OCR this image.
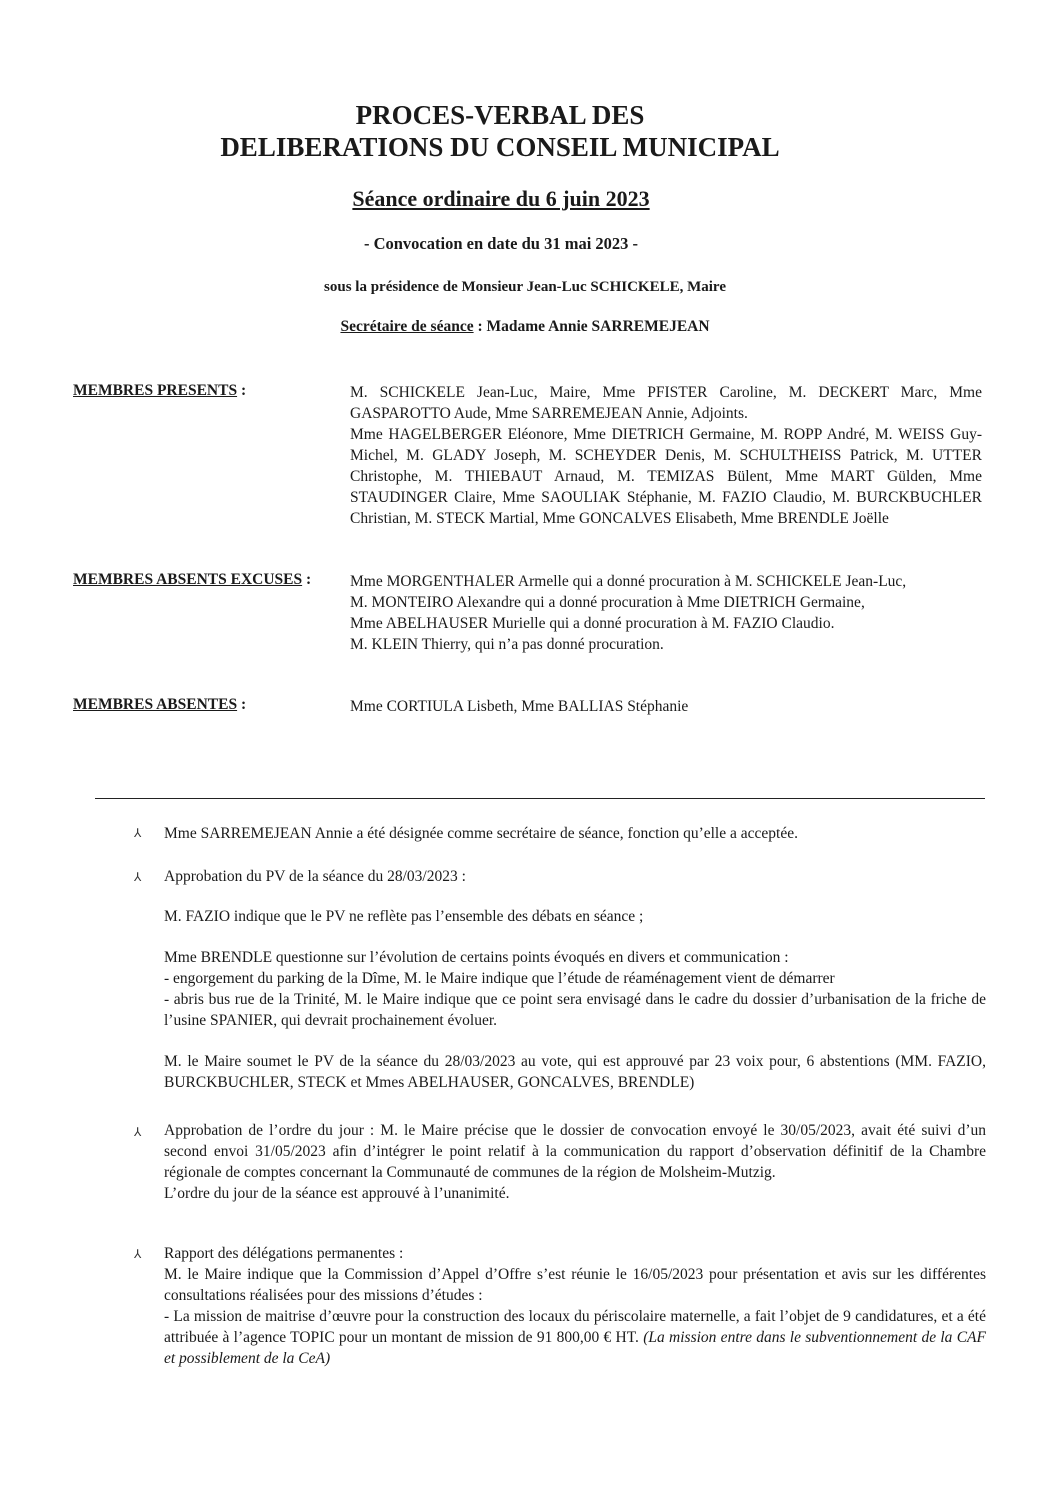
PROCES-VERBAL DES
DELIBERATIONS DU CONSEIL MUNICIPAL
Séance ordinaire du 6 juin 2023
- Convocation en date du 31 mai 2023 -
sous la présidence de Monsieur Jean-Luc SCHICKELE, Maire
Secrétaire de séance : Madame Annie SARREMEJEAN
MEMBRES PRESENTS :	M. SCHICKELE Jean-Luc, Maire, Mme PFISTER Caroline, M. DECKERT Marc, Mme GASPAROTTO Aude, Mme SARREMEJEAN Annie, Adjoints.

Mme HAGELBERGER Eléonore, Mme DIETRICH Germaine, M. ROPP André, M. WEISS Guy-Michel, M. GLADY Joseph, M. SCHEYDER Denis, M. SCHULTHEISS Patrick, M. UTTER Christophe, M. THIEBAUT Arnaud, M. TEMIZAS Bülent, Mme MART Gülden, Mme STAUDINGER Claire, Mme SAOULIAK Stéphanie, M. FAZIO Claudio, M. BURCKBUCHLER Christian, M. STECK Martial, Mme GONCALVES Elisabeth, Mme BRENDLE Joëlle

MEMBRES ABSENTS EXCUSES :	Mme MORGENTHALER Armelle qui a donné procuration à M. SCHICKELE Jean-Luc,

M. MONTEIRO Alexandre qui a donné procuration à Mme DIETRICH Germaine,

Mme ABELHAUSER Murielle qui a donné procuration à M. FAZIO Claudio.

M. KLEIN Thierry, qui n’a pas donné procuration.

MEMBRES ABSENTES :	Mme CORTIULA Lisbeth, Mme BALLIAS Stéphanie

⅄ Mme SARREMEJEAN Annie a été désignée comme secrétaire de séance, fonction qu’elle a acceptée.

⅄ Approbation du PV de la séance du 28/03/2023 :

M. FAZIO indique que le PV ne reflète pas l’ensemble des débats en séance ;

Mme BRENDLE questionne sur l’évolution de certains points évoqués en divers et communication :

- engorgement du parking de la Dîme, M. le Maire indique que l’étude de réaménagement vient de démarrer

- abris bus rue de la Trinité, M. le Maire indique que ce point sera envisagé dans le cadre du dossier d’urbanisation de la friche de l’usine SPANIER, qui devrait prochainement évoluer.

M. le Maire soumet le PV de la séance du 28/03/2023 au vote, qui est approuvé par 23 voix pour, 6 abstentions (MM. FAZIO, BURCKBUCHLER, STECK et Mmes ABELHAUSER, GONCALVES, BRENDLE)

⅄ Approbation de l’ordre du jour : M. le Maire précise que le dossier de convocation envoyé le 30/05/2023, avait été suivi d’un second envoi 31/05/2023 afin d’intégrer le point relatif à la communication du rapport d’observation définitif de la Chambre régionale de comptes concernant la Communauté de communes de la région de Molsheim-Mutzig.

L’ordre du jour de la séance est approuvé à l’unanimité.

⅄ Rapport des délégations permanentes :

M. le Maire indique que la Commission d’Appel d’Offre s’est réunie le 16/05/2023 pour présentation et avis sur les différentes consultations réalisées pour des missions d’études :

- La mission de maitrise d’œuvre pour la construction des locaux du périscolaire maternelle, a fait l’objet de 9 candidatures, et a été attribuée à l’agence TOPIC pour un montant de mission de 91 800,00 € HT. (La mission entre dans le subventionnement de la CAF et possiblement de la CeA)
